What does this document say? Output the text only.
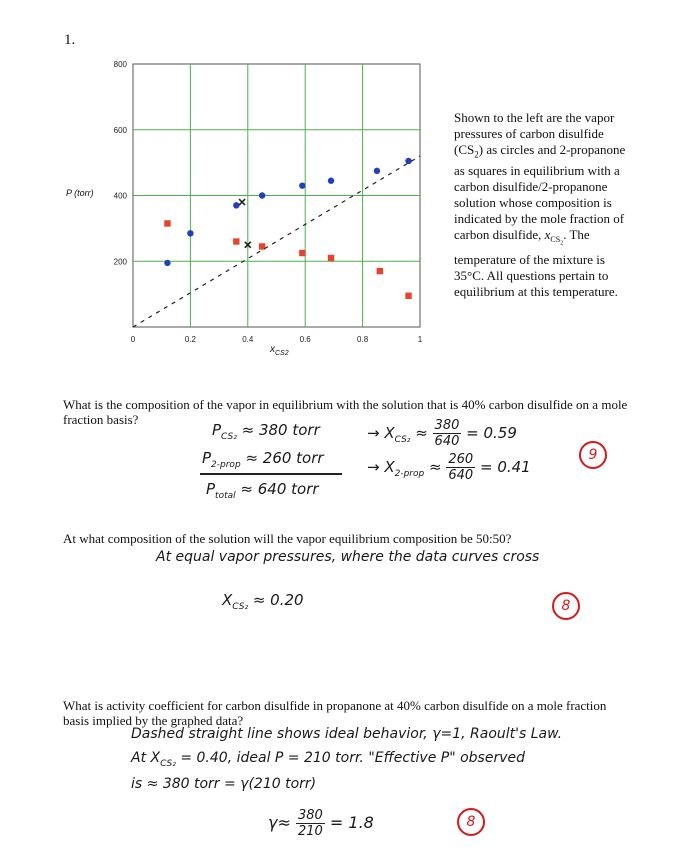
1.
0	0.2	0.4	0.6	0.8	1
200
400
600
800
P (torr)
$x_{CS2}$
Shown to the left are the vapor pressures of carbon disulfide $(CS_2)$ as circles and 2-propanone as squares in equilibrium with a carbon disulfide/2-propanone solution whose composition is indicated by the mole fraction of carbon disulfide, $x_{CS_2}$. The temperature of the mixture is 35°C. All questions pertain to equilibrium at this temperature.
What is the composition of the vapor in equilibrium with the solution that is 40% carbon disulfide on a mole fraction basis?
$P_{CS_2} \approx 380$ torr
$P_{2-prop} \approx 260$ torr
$P_{total} \approx 640$ torr
→ $X_{CS_2} \approx \frac{380}{640} = 0.59$
→ $X_{2-prop} \approx \frac{260}{640} = 0.41$
9
At what composition of the solution will the vapor equilibrium composition be 50:50?
At equal vapor pressures, where the data curves cross
$X_{CS_2} \approx 0.20$	8
What is activity coefficient for carbon disulfide in propanone at 40% carbon disulfide on a mole fraction basis implied by the graphed data?
Dashed straight line shows ideal behavior, γ=1, Raoult's Law.
At $X_{CS_2} = 0.40$, ideal P = 210 torr. "Effective P" observed
is ≈ 380 torr = γ(210 torr)
$\gamma\approx \frac{380}{210} = 1.8$	8
